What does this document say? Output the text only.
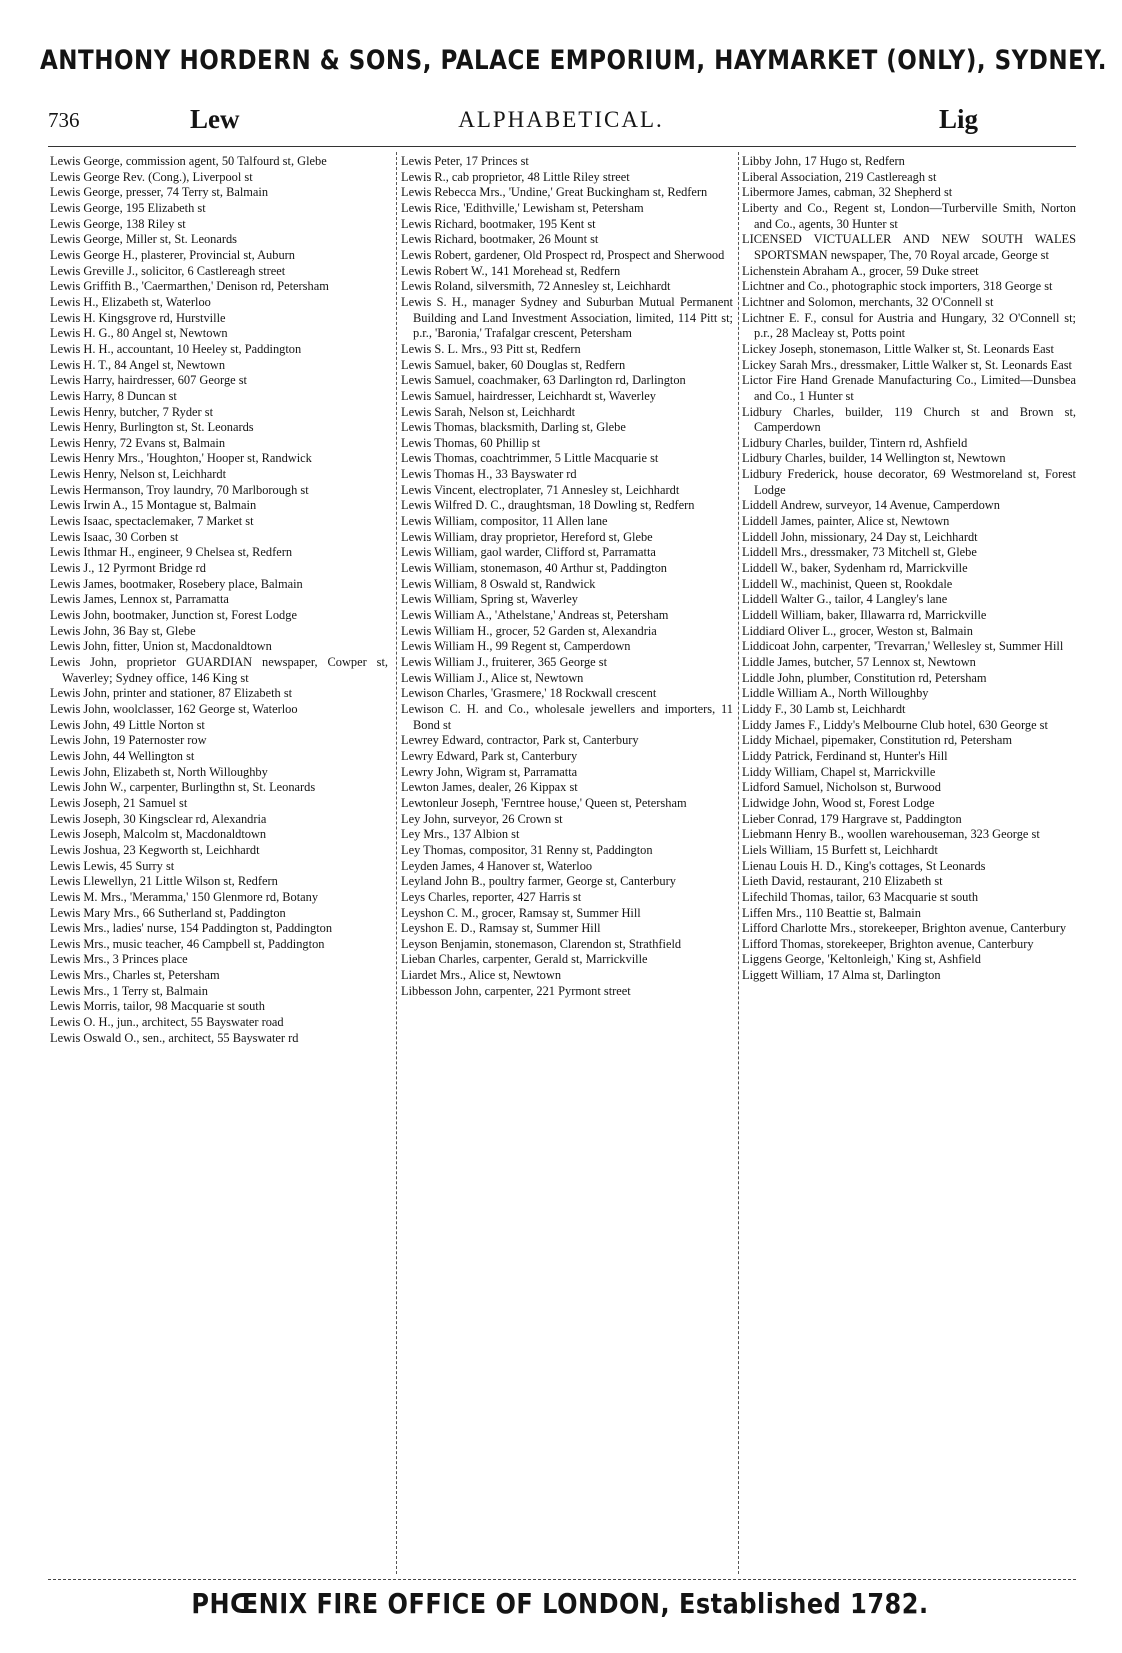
ANTHONY HORDERN & SONS, PALACE EMPORIUM, HAYMARKET (ONLY), SYDNEY.
ALPHABETICAL.
736	Lew	Lig
Lewis George, commission agent, 50 Talfourd st, Glebe
Lewis George Rev. (Cong.), Liverpool st
Lewis George, presser, 74 Terry st, Balmain
Lewis George, 195 Elizabeth st
Lewis George, 138 Riley st
Lewis George, Miller st, St. Leonards
Lewis George H., plasterer, Provincial st, Auburn
Lewis Greville J., solicitor, 6 Castlereagh street
Lewis Griffith B., 'Caermarthen,' Denison rd, Petersham
Lewis H., Elizabeth st, Waterloo
Lewis H. Kingsgrove rd, Hurstville
Lewis H. G., 80 Angel st, Newtown
Lewis H. H., accountant, 10 Heeley st, Paddington
Lewis H. T., 84 Angel st, Newtown
Lewis Harry, hairdresser, 607 George st
Lewis Harry, 8 Duncan st
Lewis Henry, butcher, 7 Ryder st
Lewis Henry, Burlington st, St. Leonards
Lewis Henry, 72 Evans st, Balmain
Lewis Henry Mrs., 'Houghton,' Hooper st, Randwick
Lewis Henry, Nelson st, Leichhardt
Lewis Hermanson, Troy laundry, 70 Marlborough st
Lewis Irwin A., 15 Montague st, Balmain
Lewis Isaac, spectaclemaker, 7 Market st
Lewis Isaac, 30 Corben st
Lewis Ithmar H., engineer, 9 Chelsea st, Redfern
Lewis J., 12 Pyrmont Bridge rd
Lewis James, bootmaker, Rosebery place, Balmain
Lewis James, Lennox st, Parramatta
Lewis John, bootmaker, Junction st, Forest Lodge
Lewis John, 36 Bay st, Glebe
Lewis John, fitter, Union st, Macdonaldtown
Lewis John, proprietor GUARDIAN newspaper, Cowper st, Waverley; Sydney office, 146 King st
Lewis John, printer and stationer, 87 Elizabeth st
Lewis John, woolclasser, 162 George st, Waterloo
Lewis John, 49 Little Norton st
Lewis John, 19 Paternoster row
Lewis John, 44 Wellington st
Lewis John, Elizabeth st, North Willoughby
Lewis John W., carpenter, Burlingthn st, St. Leonards
Lewis Joseph, 21 Samuel st
Lewis Joseph, 30 Kingsclear rd, Alexandria
Lewis Joseph, Malcolm st, Macdonaldtown
Lewis Joshua, 23 Kegworth st, Leichhardt
Lewis Lewis, 45 Surry st
Lewis Llewellyn, 21 Little Wilson st, Redfern
Lewis M. Mrs., 'Meramma,' 150 Glenmore rd, Botany
Lewis Mary Mrs., 66 Sutherland st, Paddington
Lewis Mrs., ladies' nurse, 154 Paddington st, Paddington
Lewis Mrs., music teacher, 46 Campbell st, Paddington
Lewis Mrs., 3 Princes place
Lewis Mrs., Charles st, Petersham
Lewis Mrs., 1 Terry st, Balmain
Lewis Morris, tailor, 98 Macquarie st south
Lewis O. H., jun., architect, 55 Bayswater road
Lewis Oswald O., sen., architect, 55 Bayswater rd
Lewis Peter, 17 Princes st
Lewis R., cab proprietor, 48 Little Riley street
Lewis Rebecca Mrs., 'Undine,' Great Buckingham st, Redfern
Lewis Rice, 'Edithville,' Lewisham st, Petersham
Lewis Richard, bootmaker, 195 Kent st
Lewis Richard, bootmaker, 26 Mount st
Lewis Robert, gardener, Old Prospect rd, Prospect and Sherwood
Lewis Robert W., 141 Morehead st, Redfern
Lewis Roland, silversmith, 72 Annesley st, Leichhardt
Lewis S. H., manager Sydney and Suburban Mutual Permanent Building and Land Investment Association, limited, 114 Pitt st; p.r., 'Baronia,' Trafalgar crescent, Petersham
Lewis S. L. Mrs., 93 Pitt st, Redfern
Lewis Samuel, baker, 60 Douglas st, Redfern
Lewis Samuel, coachmaker, 63 Darlington rd, Darlington
Lewis Samuel, hairdresser, Leichhardt st, Waverley
Lewis Sarah, Nelson st, Leichhardt
Lewis Thomas, blacksmith, Darling st, Glebe
Lewis Thomas, 60 Phillip st
Lewis Thomas, coachtrimmer, 5 Little Macquarie st
Lewis Thomas H., 33 Bayswater rd
Lewis Vincent, electroplater, 71 Annesley st, Leichhardt
Lewis Wilfred D. C., draughtsman, 18 Dowling st, Redfern
Lewis William, compositor, 11 Allen lane
Lewis William, dray proprietor, Hereford st, Glebe
Lewis William, gaol warder, Clifford st, Parramatta
Lewis William, stonemason, 40 Arthur st, Paddington
Lewis William, 8 Oswald st, Randwick
Lewis William, Spring st, Waverley
Lewis William A., 'Athelstane,' Andreas st, Petersham
Lewis William H., grocer, 52 Garden st, Alexandria
Lewis William H., 99 Regent st, Camperdown
Lewis William J., fruiterer, 365 George st
Lewis William J., Alice st, Newtown
Lewison Charles, 'Grasmere,' 18 Rockwall crescent
Lewison C. H. and Co., wholesale jewellers and importers, 11 Bond st
Lewrey Edward, contractor, Park st, Canterbury
Lewry Edward, Park st, Canterbury
Lewry John, Wigram st, Parramatta
Lewton James, dealer, 26 Kippax st
Lewtonleur Joseph, 'Ferntree house,' Queen st, Petersham
Ley John, surveyor, 26 Crown st
Ley Mrs., 137 Albion st
Ley Thomas, compositor, 31 Renny st, Paddington
Leyden James, 4 Hanover st, Waterloo
Leyland John B., poultry farmer, George st, Canterbury
Leys Charles, reporter, 427 Harris st
Leyshon C. M., grocer, Ramsay st, Summer Hill
Leyshon E. D., Ramsay st, Summer Hill
Leyson Benjamin, stonemason, Clarendon st, Strathfield
Lieban Charles, carpenter, Gerald st, Marrickville
Liardet Mrs., Alice st, Newtown
Libbesson John, carpenter, 221 Pyrmont street
Libby John, 17 Hugo st, Redfern
Liberal Association, 219 Castlereagh st
Libermore James, cabman, 32 Shepherd st
Liberty and Co., Regent st, London—Turberville Smith, Norton and Co., agents, 30 Hunter st
LICENSED VICTUALLER AND NEW SOUTH WALES SPORTSMAN newspaper, The, 70 Royal arcade, George st
Lichenstein Abraham A., grocer, 59 Duke street
Lichtner and Co., photographic stock importers, 318 George st
Lichtner and Solomon, merchants, 32 O'Connell st
Lichtner E. F., consul for Austria and Hungary, 32 O'Connell st; p.r., 28 Macleay st, Potts point
Lickey Joseph, stonemason, Little Walker st, St. Leonards East
Lickey Sarah Mrs., dressmaker, Little Walker st, St. Leonards East
Lictor Fire Hand Grenade Manufacturing Co., Limited—Dunsbea and Co., 1 Hunter st
Lidbury Charles, builder, 119 Church st and Brown st, Camperdown
Lidbury Charles, builder, Tintern rd, Ashfield
Lidbury Charles, builder, 14 Wellington st, Newtown
Lidbury Frederick, house decorator, 69 Westmoreland st, Forest Lodge
Liddell Andrew, surveyor, 14 Avenue, Camperdown
Liddell James, painter, Alice st, Newtown
Liddell John, missionary, 24 Day st, Leichhardt
Liddell Mrs., dressmaker, 73 Mitchell st, Glebe
Liddell W., baker, Sydenham rd, Marrickville
Liddell W., machinist, Queen st, Rookdale
Liddell Walter G., tailor, 4 Langley's lane
Liddell William, baker, Illawarra rd, Marrickville
Liddiard Oliver L., grocer, Weston st, Balmain
Liddicoat John, carpenter, 'Trevarran,' Wellesley st, Summer Hill
Liddle James, butcher, 57 Lennox st, Newtown
Liddle John, plumber, Constitution rd, Petersham
Liddle William A., North Willoughby
Liddy F., 30 Lamb st, Leichhardt
Liddy James F., Liddy's Melbourne Club hotel, 630 George st
Liddy Michael, pipemaker, Constitution rd, Petersham
Liddy Patrick, Ferdinand st, Hunter's Hill
Liddy William, Chapel st, Marrickville
Lidford Samuel, Nicholson st, Burwood
Lidwidge John, Wood st, Forest Lodge
Lieber Conrad, 179 Hargrave st, Paddington
Liebmann Henry B., woollen warehouseman, 323 George st
Liels William, 15 Burfett st, Leichhardt
Lienau Louis H. D., King's cottages, St Leonards
Lieth David, restaurant, 210 Elizabeth st
Lifechild Thomas, tailor, 63 Macquarie st south
Liffen Mrs., 110 Beattie st, Balmain
Lifford Charlotte Mrs., storekeeper, Brighton avenue, Canterbury
Lifford Thomas, storekeeper, Brighton avenue, Canterbury
Liggens George, 'Keltonleigh,' King st, Ashfield
Liggett William, 17 Alma st, Darlington
PHŒNIX FIRE OFFICE OF LONDON, Established 1782.
